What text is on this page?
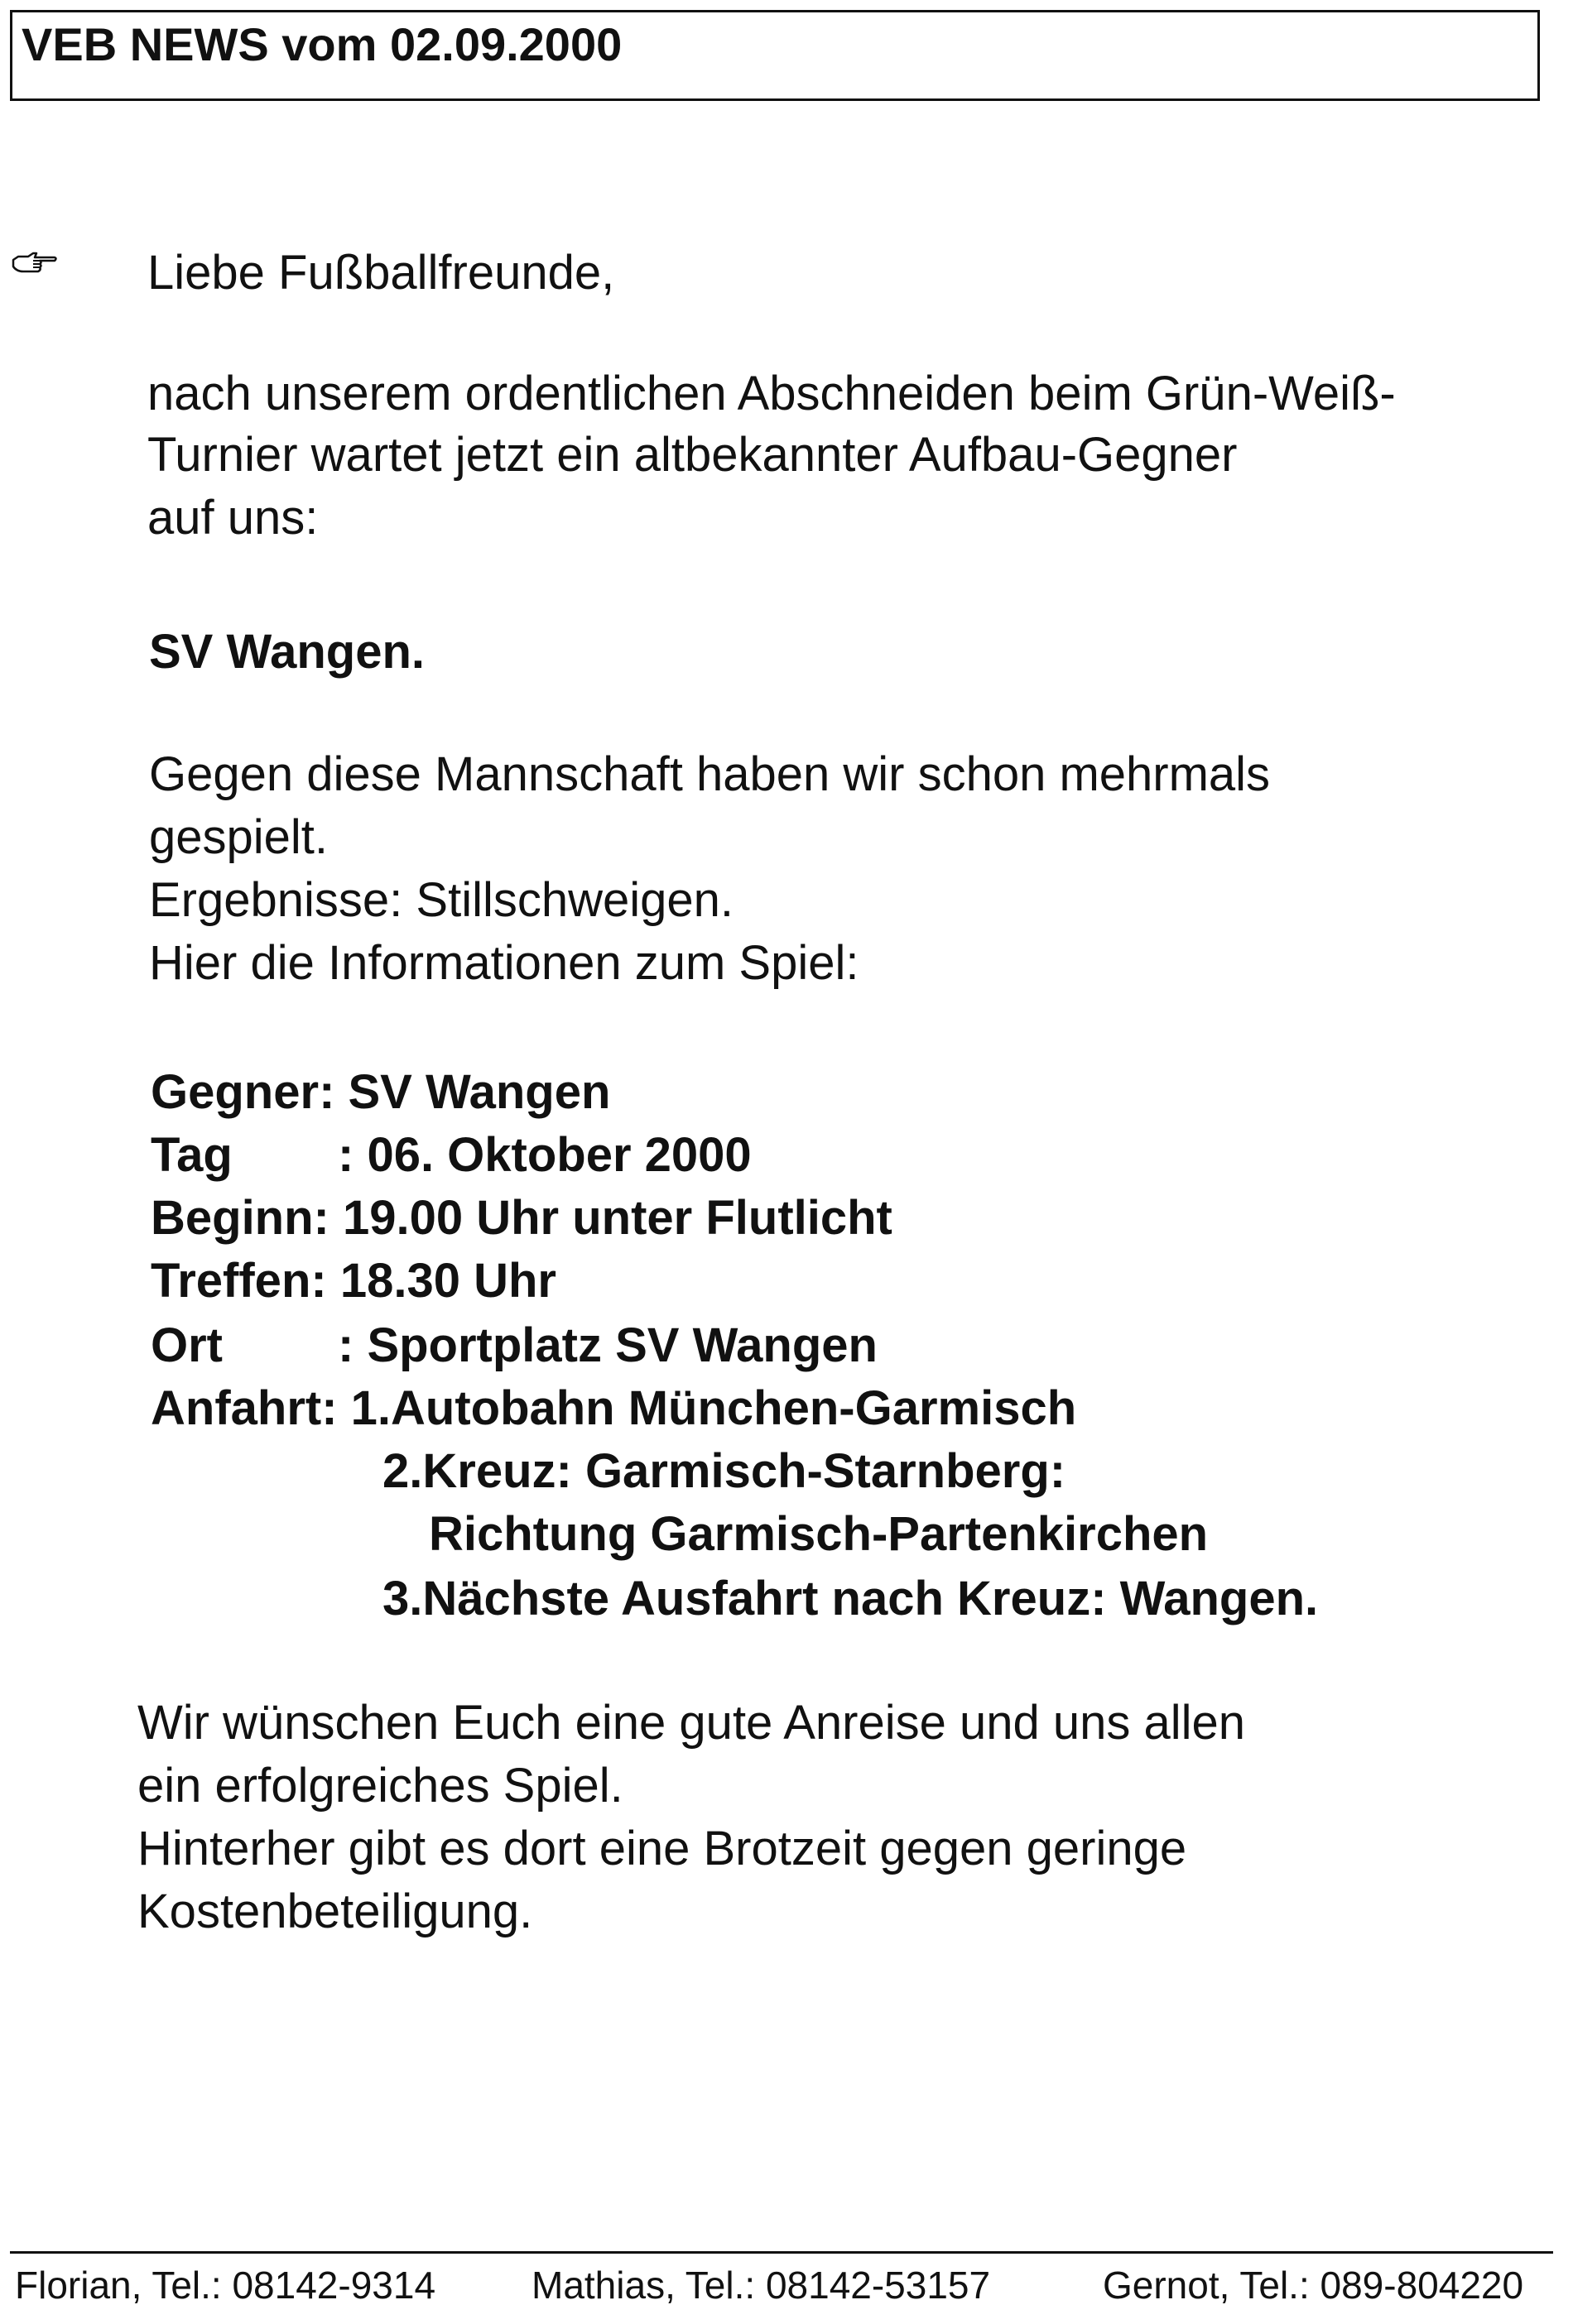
VEB NEWS vom 02.09.2000
Liebe Fußballfreunde,
nach unserem ordentlichen Abschneiden beim Grün-Weiß-
Turnier wartet jetzt ein altbekannter Aufbau-Gegner
auf uns:
SV Wangen.
Gegen diese Mannschaft haben wir schon mehrmals
gespielt.
Ergebnisse: Stillschweigen.
Hier die Informationen zum Spiel:
Gegner: SV Wangen
Tag : 06. Oktober 2000
Beginn: 19.00 Uhr unter Flutlicht
Treffen: 18.30 Uhr
Ort : Sportplatz SV Wangen
Anfahrt: 1.Autobahn München-Garmisch
2.Kreuz: Garmisch-Starnberg:
Richtung Garmisch-Partenkirchen
3.Nächste Ausfahrt nach Kreuz: Wangen.
Wir wünschen Euch eine gute Anreise und uns allen
ein erfolgreiches Spiel.
Hinterher gibt es dort eine Brotzeit gegen geringe
Kostenbeteiligung.
Florian, Tel.: 08142-9314	Mathias, Tel.: 08142-53157	Gernot, Tel.: 089-804220
